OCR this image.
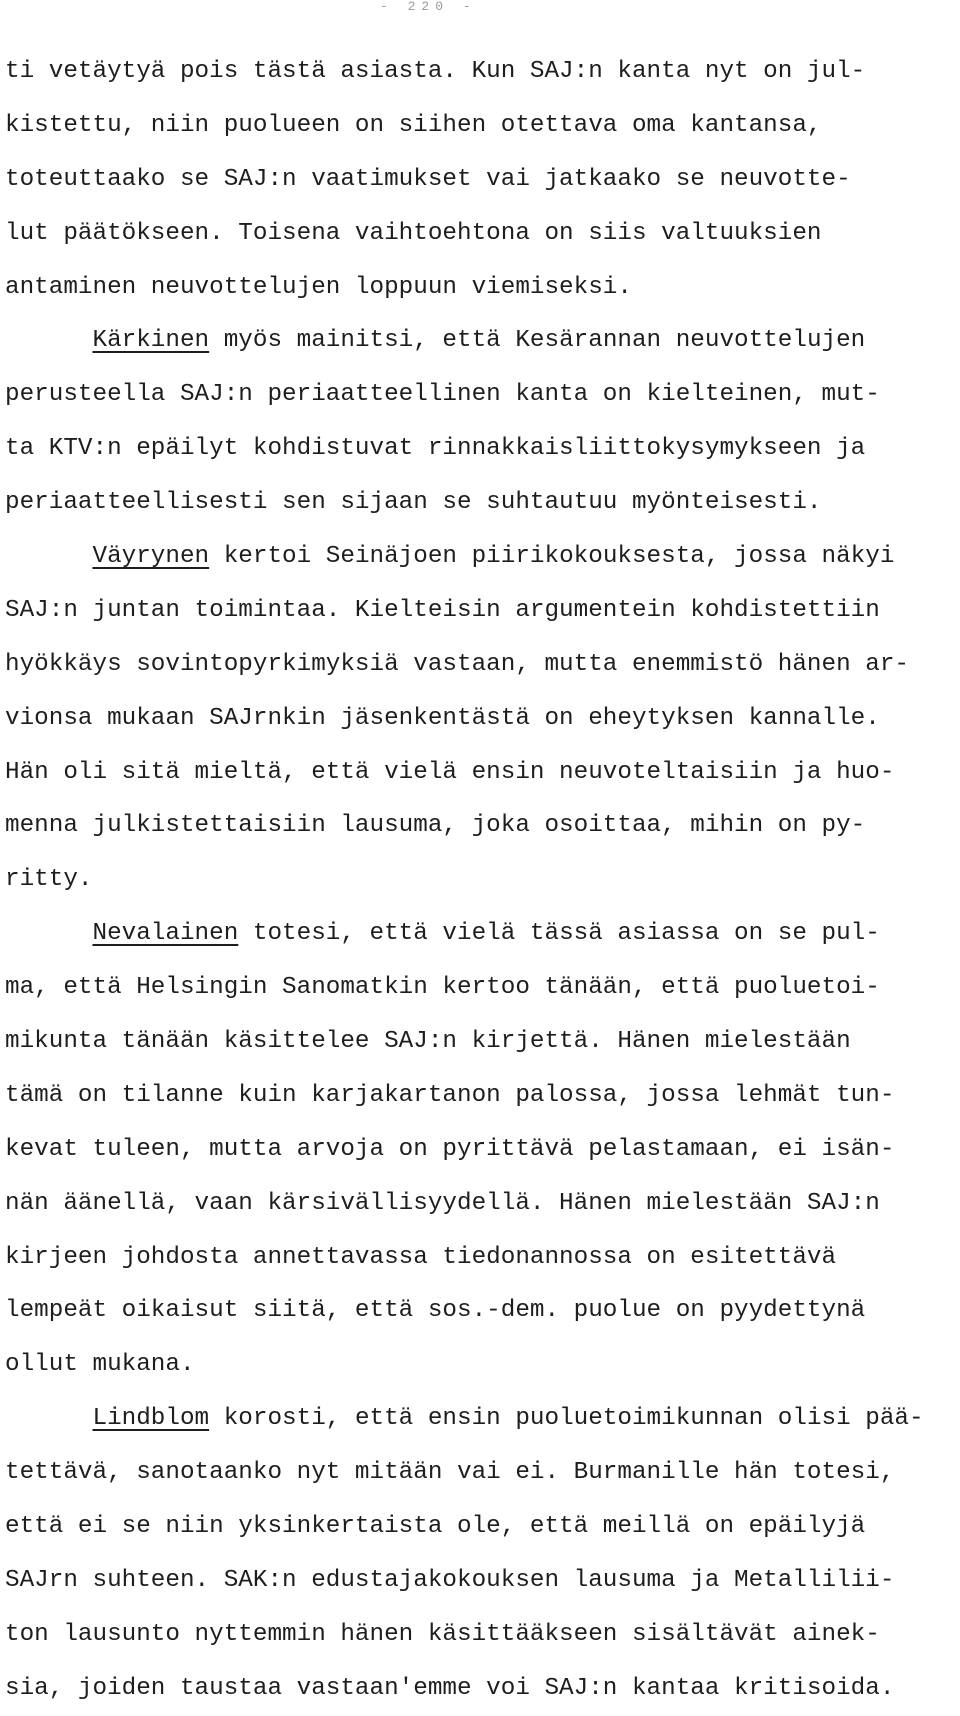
- 220 -
ti vetäytyä pois tästä asiasta. Kun SAJ:n kanta nyt on jul-
kistettu, niin puolueen on siihen otettava oma kantansa,
toteuttaako se SAJ:n vaatimukset vai jatkaako se neuvotte-
lut päätökseen. Toisena vaihtoehtona on siis valtuuksien
antaminen neuvottelujen loppuun viemiseksi.
Kärkinen myös mainitsi, että Kesärannan neuvottelujen
perusteella SAJ:n periaatteellinen kanta on kielteinen, mut-
ta KTV:n epäilyt kohdistuvat rinnakkaisliittokysymykseen ja
periaatteellisesti sen sijaan se suhtautuu myönteisesti.
Väyrynen kertoi Seinäjoen piirikokouksesta, jossa näkyi
SAJ:n juntan toimintaa. Kielteisin argumentein kohdistettiin
hyökkäys sovintopyrkimyksiä vastaan, mutta enemmistö hänen ar-
vionsa mukaan SAJrnkin jäsenkentästä on eheytyksen kannalle.
Hän oli sitä mieltä, että vielä ensin neuvoteltaisiin ja huo-
menna julkistettaisiin lausuma, joka osoittaa, mihin on py-
ritty.
Nevalainen totesi, että vielä tässä asiassa on se pul-
ma, että Helsingin Sanomatkin kertoo tänään, että puoluetoi-
mikunta tänään käsittelee SAJ:n kirjettä. Hänen mielestään
tämä on tilanne kuin karjakartanon palossa, jossa lehmät tun-
kevat tuleen, mutta arvoja on pyrittävä pelastamaan, ei isän-
nän äänellä, vaan kärsivällisyydellä. Hänen mielestään SAJ:n
kirjeen johdosta annettavassa tiedonannossa on esitettävä
lempeät oikaisut siitä, että sos.-dem. puolue on pyydettynä
ollut mukana.
Lindblom korosti, että ensin puoluetoimikunnan olisi pää-
tettävä, sanotaanko nyt mitään vai ei. Burmanille hän totesi,
että ei se niin yksinkertaista ole, että meillä on epäilyjä
SAJrn suhteen. SAK:n edustajakokouksen lausuma ja Metallilii-
ton lausunto nyttemmin hänen käsittääkseen sisältävät ainek-
sia, joiden taustaa vastaan'emme voi SAJ:n kantaa kritisoida.
